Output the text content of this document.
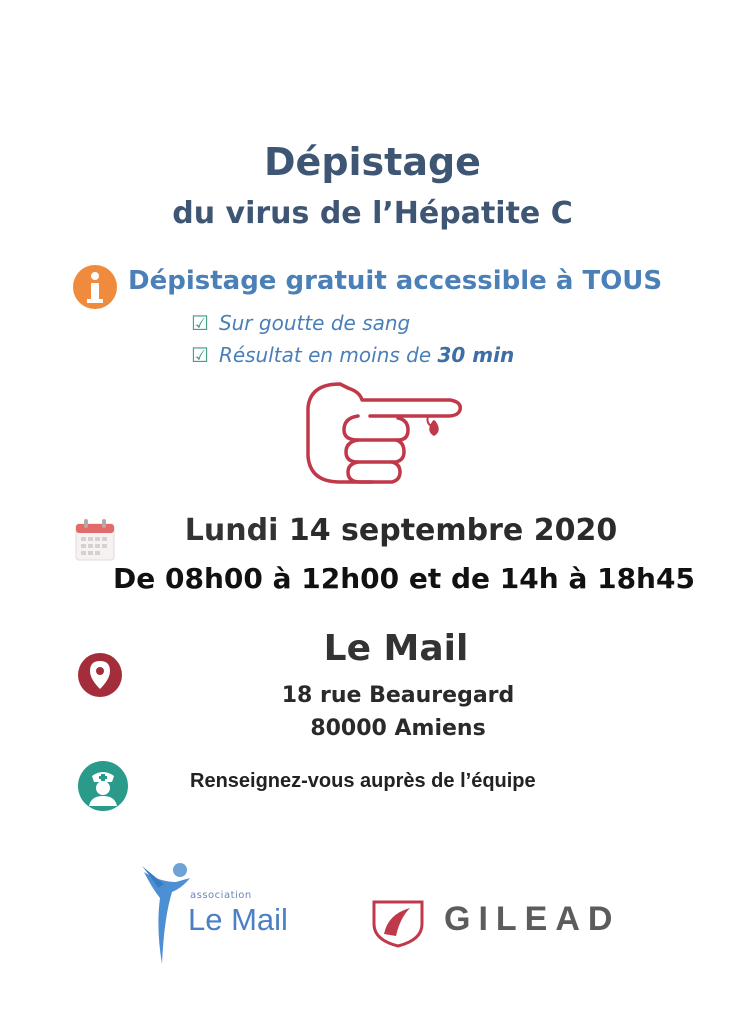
Dépistage
du virus de l’Hépatite C
Dépistage gratuit accessible à TOUS
☑ Sur goutte de sang
☑ Résultat en moins de 30 min
Lundi 14 septembre 2020
De 08h00 à 12h00 et de 14h à 18h45
Le Mail
18 rue Beauregard
80000 Amiens
Renseignez-vous auprès de l’équipe
association
Le Mail	GILEAD
